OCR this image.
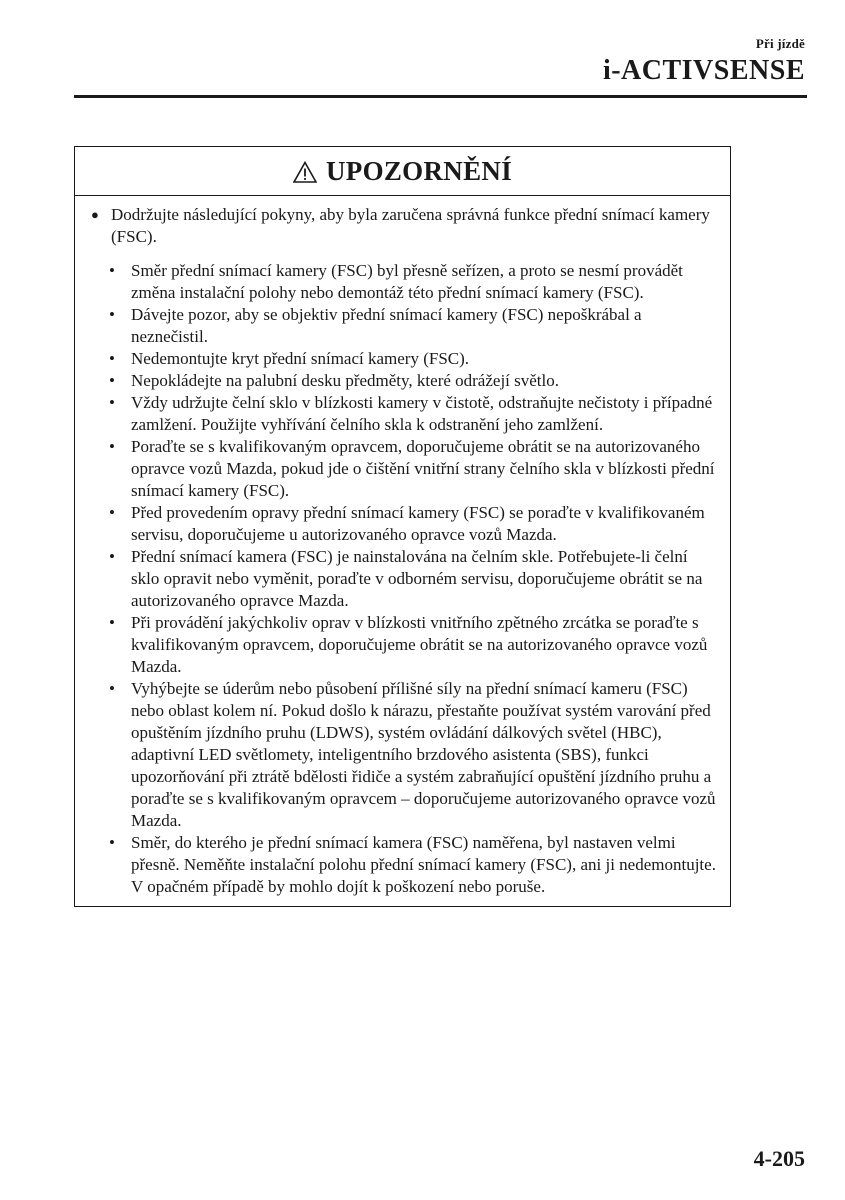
Při jízdě
i-ACTIVSENSE
UPOZORNĚNÍ
● Dodržujte následující pokyny, aby byla zaručena správná funkce přední snímací kamery (FSC).
• Směr přední snímací kamery (FSC) byl přesně seřízen, a proto se nesmí provádět změna instalační polohy nebo demontáž této přední snímací kamery (FSC).
• Dávejte pozor, aby se objektiv přední snímací kamery (FSC) nepoškrábal a neznečistil.
• Nedemontujte kryt přední snímací kamery (FSC).
• Nepokládejte na palubní desku předměty, které odrážejí světlo.
• Vždy udržujte čelní sklo v blízkosti kamery v čistotě, odstraňujte nečistoty i případné zamlžení. Použijte vyhřívání čelního skla k odstranění jeho zamlžení.
• Poraďte se s kvalifikovaným opravcem, doporučujeme obrátit se na autorizovaného opravce vozů Mazda, pokud jde o čištění vnitřní strany čelního skla v blízkosti přední snímací kamery (FSC).
• Před provedením opravy přední snímací kamery (FSC) se poraďte v kvalifikovaném servisu, doporučujeme u autorizovaného opravce vozů Mazda.
• Přední snímací kamera (FSC) je nainstalována na čelním skle. Potřebujete-li čelní sklo opravit nebo vyměnit, poraďte v odborném servisu, doporučujeme obrátit se na autorizovaného opravce Mazda.
• Při provádění jakýchkoliv oprav v blízkosti vnitřního zpětného zrcátka se poraďte s kvalifikovaným opravcem, doporučujeme obrátit se na autorizovaného opravce vozů Mazda.
• Vyhýbejte se úderům nebo působení přílišné síly na přední snímací kameru (FSC) nebo oblast kolem ní. Pokud došlo k nárazu, přestaňte používat systém varování před opuštěním jízdního pruhu (LDWS), systém ovládání dálkových světel (HBC), adaptivní LED světlomety, inteligentního brzdového asistenta (SBS), funkci upozorňování při ztrátě bdělosti řidiče a systém zabraňující opuštění jízdního pruhu a poraďte se s kvalifikovaným opravcem – doporučujeme autorizovaného opravce vozů Mazda.
• Směr, do kterého je přední snímací kamera (FSC) naměřena, byl nastaven velmi přesně. Neměňte instalační polohu přední snímací kamery (FSC), ani ji nedemontujte. V opačném případě by mohlo dojít k poškození nebo poruše.
4-205
